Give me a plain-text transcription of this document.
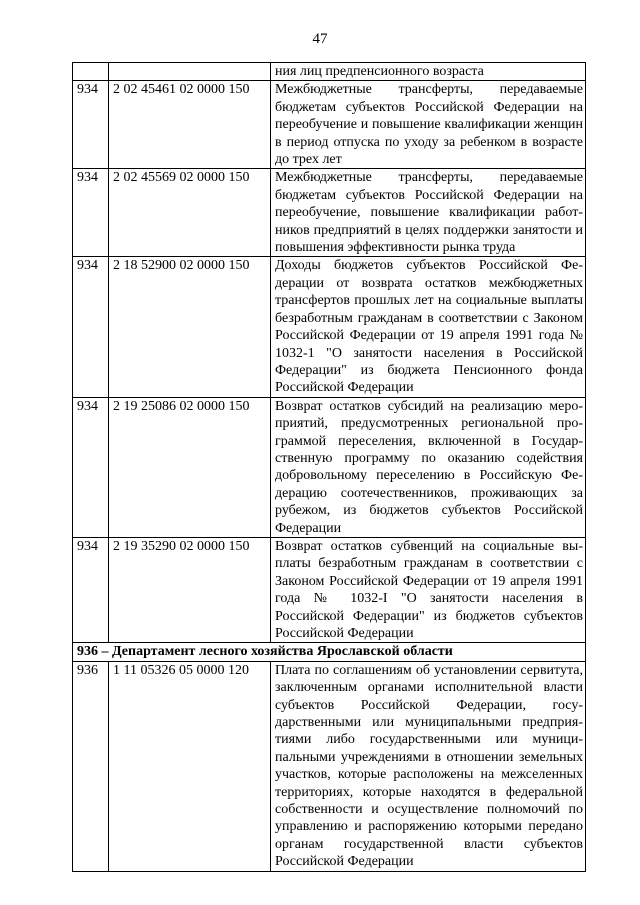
47
		ния лиц предпенсионного возраста
934	2 02 45461 02 0000 150	Межбюджетные трансферты, передаваемые бюджетам субъектов Российской Федерации на переобучение и повышение квалификации женщин в период отпуска по уходу за ребенком в возрасте до трех лет
934	2 02 45569 02 0000 150	Межбюджетные трансферты, передаваемые бюджетам субъектов Российской Федерации на переобучение, повышение квалификации работников предприятий в целях поддержки занятости и повышения эффективности рынка труда
934	2 18 52900 02 0000 150	Доходы бюджетов субъектов Российской Федерации от возврата остатков межбюджетных трансфертов прошлых лет на социальные выплаты безработным гражданам в соответствии с Законом Российской Федерации от 19 апреля 1991 года № 1032-1 "О занятости населения в Российской Федерации" из бюджета Пенсионного фонда Российской Федерации
934	2 19 25086 02 0000 150	Возврат остатков субсидий на реализацию мероприятий, предусмотренных региональной программой переселения, включенной в Государственную программу по оказанию содействия добровольному переселению в Российскую Федерацию соотечественников, проживающих за рубежом, из бюджетов субъектов Российской Федерации
934	2 19 35290 02 0000 150	Возврат остатков субвенций на социальные выплаты безработным гражданам в соответствии с Законом Российской Федерации от 19 апреля 1991 года № 1032-I "О занятости населения в Российской Федерации" из бюджетов субъектов Российской Федерации
936 – Департамент лесного хозяйства Ярославской области		
936	1 11 05326 05 0000 120	Плата по соглашениям об установлении сервитута, заключенным органами исполнительной власти субъектов Российской Федерации, государственными или муниципальными предприятиями либо государственными или муниципальными учреждениями в отношении земельных участков, которые расположены на межселенных территориях, которые находятся в федеральной собственности и осуществление полномочий по управлению и распоряжению которыми передано органам государственной власти субъектов Российской Федерации
